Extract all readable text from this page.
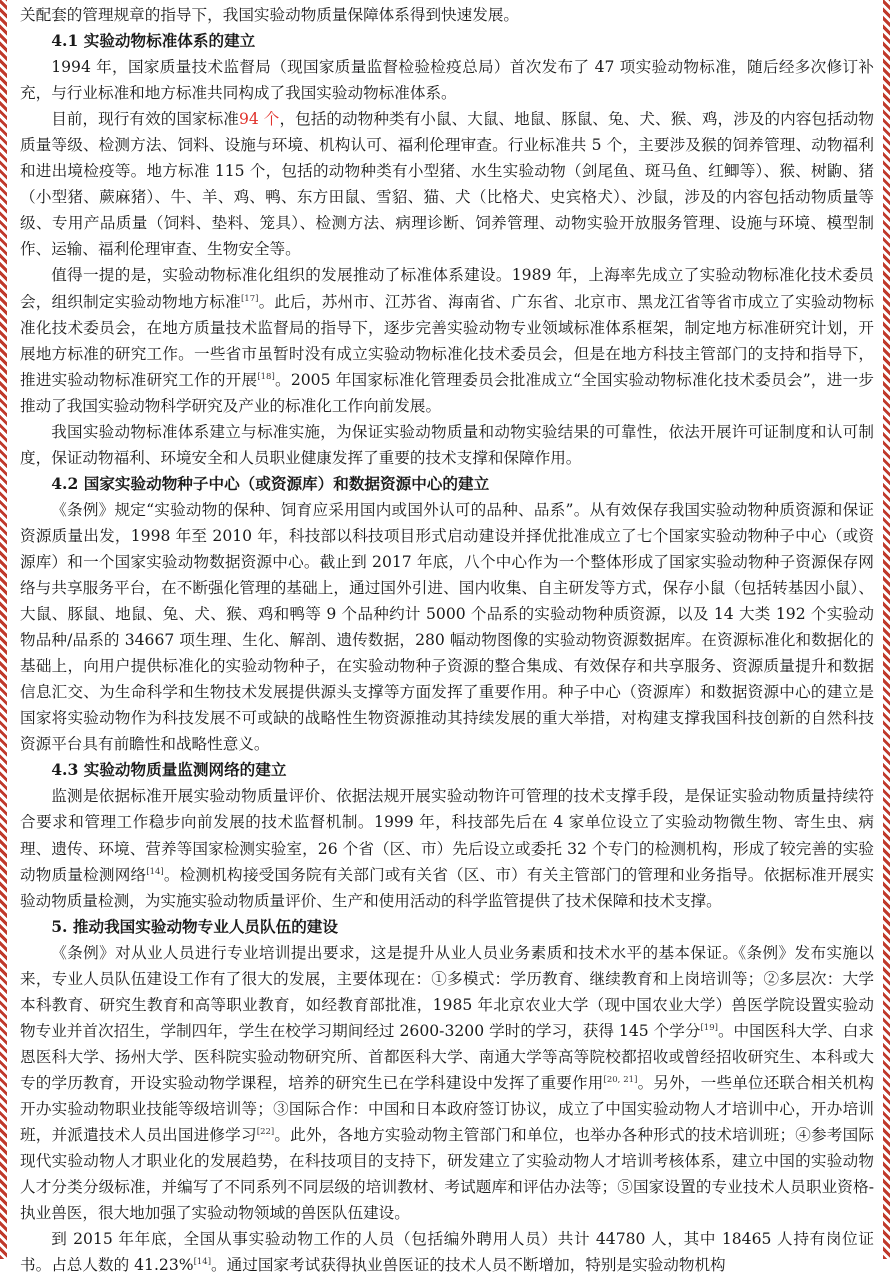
关配套的管理规章的指导下，我国实验动物质量保障体系得到快速发展。

4.1 实验动物标准体系的建立

1994 年，国家质量技术监督局（现国家质量监督检验检疫总局）首次发布了 47 项实验动物标准，随后经多次修订补充，与行业标准和地方标准共同构成了我国实验动物标准体系。

目前，现行有效的国家标准94 个，包括的动物种类有小鼠、大鼠、地鼠、豚鼠、兔、犬、猴、鸡，涉及的内容包括动物质量等级、检测方法、饲料、设施与环境、机构认可、福利伦理审查。行业标准共 5 个，主要涉及猴的饲养管理、动物福利和进出境检疫等。地方标准 115 个，包括的动物种类有小型猪、水生实验动物（剑尾鱼、斑马鱼、红鲫等）、猴、树鼩、猪（小型猪、蕨麻猪）、牛、羊、鸡、鸭、东方田鼠、雪貂、猫、犬（比格犬、史宾格犬）、沙鼠，涉及的内容包括动物质量等级、专用产品质量（饲料、垫料、笼具）、检测方法、病理诊断、饲养管理、动物实验开放服务管理、设施与环境、模型制作、运输、福利伦理审查、生物安全等。

值得一提的是，实验动物标准化组织的发展推动了标准体系建设。1989 年，上海率先成立了实验动物标准化技术委员会，组织制定实验动物地方标准[17]。此后，苏州市、江苏省、海南省、广东省、北京市、黑龙江省等省市成立了实验动物标准化技术委员会，在地方质量技术监督局的指导下，逐步完善实验动物专业领域标准体系框架，制定地方标准研究计划，开展地方标准的研究工作。一些省市虽暂时没有成立实验动物标准化技术委员会，但是在地方科技主管部门的支持和指导下，推进实验动物标准研究工作的开展[18]。2005 年国家标准化管理委员会批准成立“全国实验动物标准化技术委员会”，进一步推动了我国实验动物科学研究及产业的标准化工作向前发展。

我国实验动物标准体系建立与标准实施，为保证实验动物质量和动物实验结果的可靠性，依法开展许可证制度和认可制度，保证动物福利、环境安全和人员职业健康发挥了重要的技术支撑和保障作用。

4.2 国家实验动物种子中心（或资源库）和数据资源中心的建立

《条例》规定“实验动物的保种、饲育应采用国内或国外认可的品种、品系”。从有效保存我国实验动物种质资源和保证资源质量出发，1998 年至 2010 年，科技部以科技项目形式启动建设并择优批准成立了七个国家实验动物种子中心（或资源库）和一个国家实验动物数据资源中心。截止到 2017 年底，八个中心作为一个整体形成了国家实验动物种子资源保存网络与共享服务平台，在不断强化管理的基础上，通过国外引进、国内收集、自主研发等方式，保存小鼠（包括转基因小鼠）、大鼠、豚鼠、地鼠、兔、犬、猴、鸡和鸭等 9 个品种约计 5000 个品系的实验动物种质资源，以及 14 大类 192 个实验动物品种/品系的 34667 项生理、生化、解剖、遗传数据，280 幅动物图像的实验动物资源数据库。在资源标准化和数据化的基础上，向用户提供标准化的实验动物种子，在实验动物种子资源的整合集成、有效保存和共享服务、资源质量提升和数据信息汇交、为生命科学和生物技术发展提供源头支撑等方面发挥了重要作用。种子中心（资源库）和数据资源中心的建立是国家将实验动物作为科技发展不可或缺的战略性生物资源推动其持续发展的重大举措，对构建支撑我国科技创新的自然科技资源平台具有前瞻性和战略性意义。

4.3 实验动物质量监测网络的建立

监测是依据标准开展实验动物质量评价、依据法规开展实验动物许可管理的技术支撑手段，是保证实验动物质量持续符合要求和管理工作稳步向前发展的技术监督机制。1999 年，科技部先后在 4 家单位设立了实验动物微生物、寄生虫、病理、遗传、环境、营养等国家检测实验室，26 个省（区、市）先后设立或委托 32 个专门的检测机构，形成了较完善的实验动物质量检测网络[14]。检测机构接受国务院有关部门或有关省（区、市）有关主管部门的管理和业务指导。依据标准开展实验动物质量检测，为实施实验动物质量评价、生产和使用活动的科学监管提供了技术保障和技术支撑。

5. 推动我国实验动物专业人员队伍的建设

《条例》对从业人员进行专业培训提出要求，这是提升从业人员业务素质和技术水平的基本保证。《条例》发布实施以来，专业人员队伍建设工作有了很大的发展，主要体现在：①多模式：学历教育、继续教育和上岗培训等；②多层次：大学本科教育、研究生教育和高等职业教育，如经教育部批准，1985 年北京农业大学（现中国农业大学）兽医学院设置实验动物专业并首次招生，学制四年，学生在校学习期间经过 2600-3200 学时的学习，获得 145 个学分[19]。中国医科大学、白求恩医科大学、扬州大学、医科院实验动物研究所、首都医科大学、南通大学等高等院校都招收或曾经招收研究生、本科或大专的学历教育，开设实验动物学课程，培养的研究生已在学科建设中发挥了重要作用[20, 21]。另外，一些单位还联合相关机构开办实验动物职业技能等级培训等；③国际合作：中国和日本政府签订协议，成立了中国实验动物人才培训中心，开办培训班，并派遣技术人员出国进修学习[22]。此外，各地方实验动物主管部门和单位，也举办各种形式的技术培训班；④参考国际现代实验动物人才职业化的发展趋势，在科技项目的支持下，研发建立了实验动物人才培训考核体系，建立中国的实验动物人才分类分级标准，并编写了不同系列不同层级的培训教材、考试题库和评估办法等；⑤国家设置的专业技术人员职业资格-执业兽医，很大地加强了实验动物领域的兽医队伍建设。

到 2015 年年底，全国从事实验动物工作的人员（包括编外聘用人员）共计 44780 人，其中 18465 人持有岗位证书。占总人数的 41.23%[14]。通过国家考试获得执业兽医证的技术人员不断增加，特别是实验动物机构
